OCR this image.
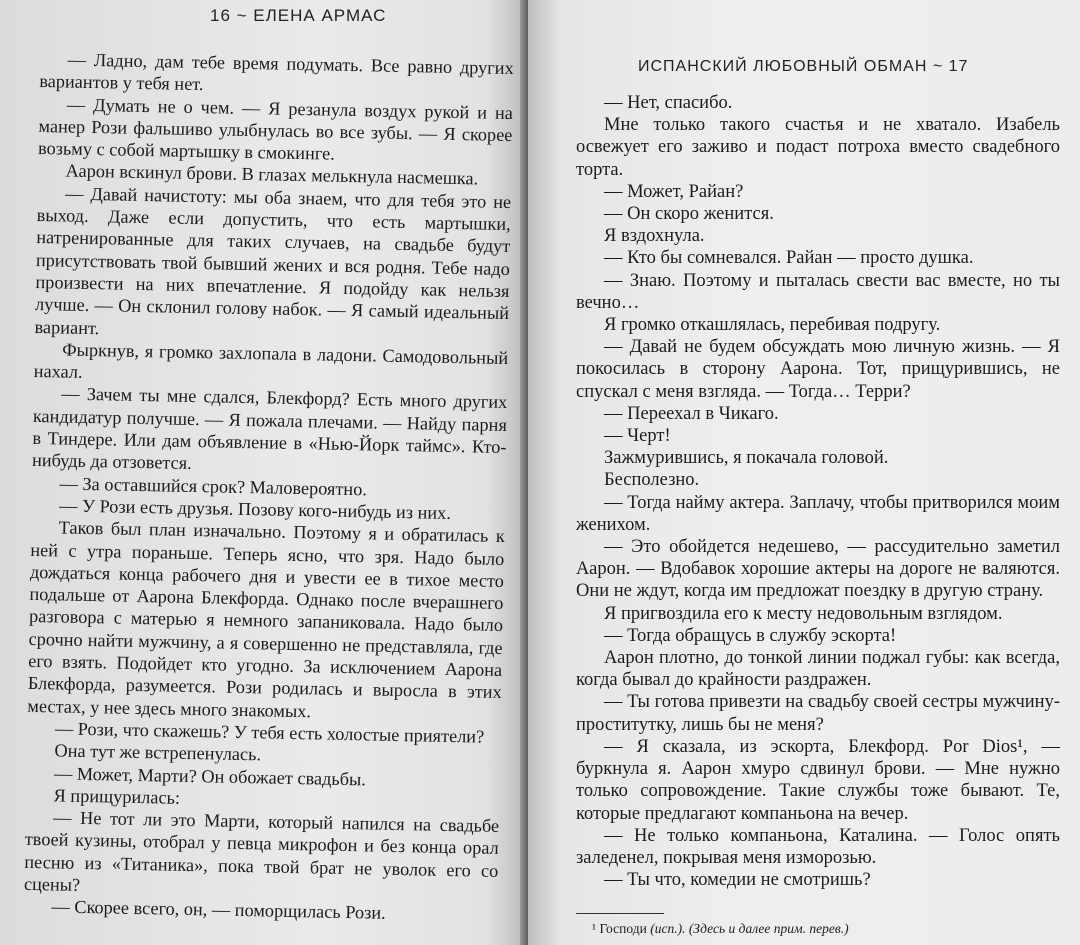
16 ~ ЕЛЕНА АРМАС

— Ладно, дам тебе время подумать. Все равно других вариантов у тебя нет.

— Думать не о чем. — Я резанула воздух рукой и на манер Рози фальшиво улыбнулась во все зубы. — Я скорее возьму с собой мартышку в смокинге.

Аарон вскинул брови. В глазах мелькнула насмешка.

— Давай начистоту: мы оба знаем, что для тебя это не выход. Даже если допустить, что есть мартышки, натренированные для таких случаев, на свадьбе будут присутствовать твой бывший жених и вся родня. Тебе надо произвести на них впечатление. Я подойду как нельзя лучше. — Он склонил голову набок. — Я самый идеальный вариант.

Фыркнув, я громко захлопала в ладони. Самодовольный нахал.

— Зачем ты мне сдался, Блекфорд? Есть много других кандидатур получше. — Я пожала плечами. — Найду парня в Тиндере. Или дам объявление в «Нью-Йорк таймс». Кто-нибудь да отзовется.

— За оставшийся срок? Маловероятно.

— У Рози есть друзья. Позову кого-нибудь из них.

Таков был план изначально. Поэтому я и обратилась к ней с утра пораньше. Теперь ясно, что зря. Надо было дождаться конца рабочего дня и увести ее в тихое место подальше от Аарона Блекфорда. Однако после вчерашнего разговора с матерью я немного запаниковала. Надо было срочно найти мужчину, а я совершенно не представляла, где его взять. Подойдет кто угодно. За исключением Аарона Блекфорда, разумеется. Рози родилась и выросла в этих местах, у нее здесь много знакомых.

— Рози, что скажешь? У тебя есть холостые приятели?

Она тут же встрепенулась.

— Может, Марти? Он обожает свадьбы.

Я прищурилась:

— Не тот ли это Марти, который напился на свадьбе твоей кузины, отобрал у певца микрофон и без конца орал песню из «Титаника», пока твой брат не уволок его со сцены?

— Скорее всего, он, — поморщилась Рози.

ИСПАНСКИЙ ЛЮБОВНЫЙ ОБМАН ~ 17

— Нет, спасибо.

Мне только такого счастья и не хватало. Изабель освежует его заживо и подаст потроха вместо свадебного торта.

— Может, Райан?

— Он скоро женится.

Я вздохнула.

— Кто бы сомневался. Райан — просто душка.

— Знаю. Поэтому и пыталась свести вас вместе, но ты вечно…

Я громко откашлялась, перебивая подругу.

— Давай не будем обсуждать мою личную жизнь. — Я покосилась в сторону Аарона. Тот, прищурившись, не спускал с меня взгляда. — Тогда… Терри?

— Переехал в Чикаго.

— Черт!

Зажмурившись, я покачала головой.

Бесполезно.

— Тогда найму актера. Заплачу, чтобы притворился моим женихом.

— Это обойдется недешево, — рассудительно заметил Аарон. — Вдобавок хорошие актеры на дороге не валяются. Они не ждут, когда им предложат поездку в другую страну.

Я пригвоздила его к месту недовольным взглядом.

— Тогда обращусь в службу эскорта!

Аарон плотно, до тонкой линии поджал губы: как всегда, когда бывал до крайности раздражен.

— Ты готова привезти на свадьбу своей сестры мужчину-проститутку, лишь бы не меня?

— Я сказала, из эскорта, Блекфорд. Por Dios¹, — буркнула я. Аарон хмуро сдвинул брови. — Мне нужно только сопровождение. Такие службы тоже бывают. Те, которые предлагают компаньона на вечер.

— Не только компаньона, Каталина. — Голос опять заледенел, покрывая меня изморозью.

— Ты что, комедии не смотришь?

¹ Господи (исп.). (Здесь и далее прим. перев.)
